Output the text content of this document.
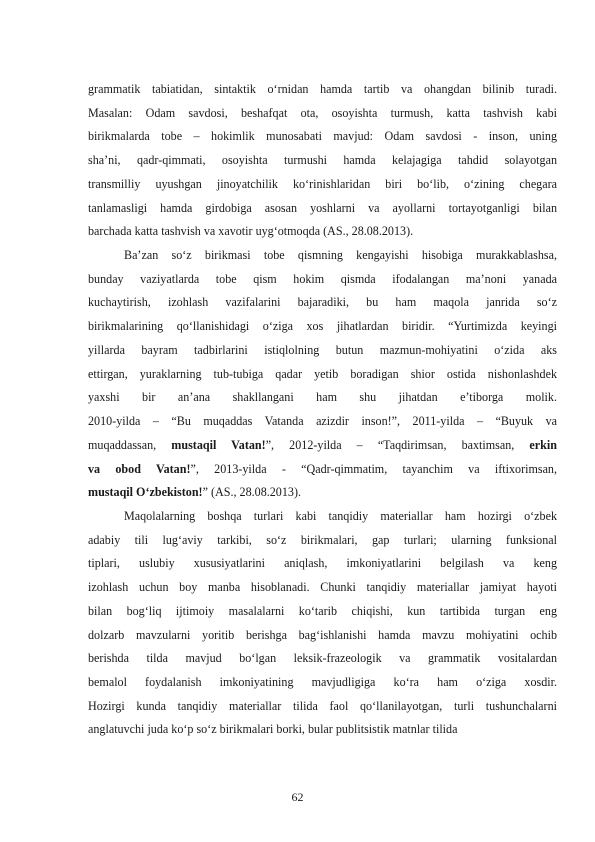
grammatik tabiatidan, sintaktik o‘rnidan hamda tartib va ohangdan bilinib turadi.
Masalan: Odam savdosi, beshafqat ota, osoyishta turmush, katta tashvish kabi
birikmalarda tobe – hokimlik munosabati mavjud: Odam savdosi - inson, uning
sha’ni, qadr-qimmati, osoyishta turmushi hamda kelajagiga tahdid solayotgan
transmilliy uyushgan jinoyatchilik ko‘rinishlaridan biri bo‘lib, o‘zining chegara
tanlamasligi hamda girdobiga asosan yoshlarni va ayollarni tortayotganligi bilan
barchada katta tashvish va xavotir uyg‘otmoqda (AS., 28.08.2013).
Ba’zan so‘z birikmasi tobe qismning kengayishi hisobiga murakkablashsa,
bunday vaziyatlarda tobe qism hokim qismda ifodalangan ma’noni yanada
kuchaytirish, izohlash vazifalarini bajaradiki, bu ham maqola janrida so‘z
birikmalarining qo‘llanishidagi o‘ziga xos jihatlardan biridir. “Yurtimizda keyingi
yillarda bayram tadbirlarini istiqlolning butun mazmun-mohiyatini o‘zida aks
ettirgan, yuraklarning tub-tubiga qadar yetib boradigan shior ostida nishonlashdek
yaxshi bir an’ana shakllangani ham shu jihatdan e’tiborga molik.
2010-yilda – “Bu muqaddas Vatanda azizdir inson!”, 2011-yilda – “Buyuk va
muqaddassan, mustaqil Vatan!”, 2012-yilda – “Taqdirimsan, baxtimsan, erkin
va obod Vatan!”, 2013-yilda - “Qadr-qimmatim, tayanchim va iftixorimsan,
mustaqil O‘zbekiston!” (AS., 28.08.2013).
Maqolalarning boshqa turlari kabi tanqidiy materiallar ham hozirgi o‘zbek
adabiy tili lug‘aviy tarkibi, so‘z birikmalari, gap turlari; ularning funksional
tiplari, uslubiy xususiyatlarini aniqlash, imkoniyatlarini belgilash va keng
izohlash uchun boy manba hisoblanadi. Chunki tanqidiy materiallar jamiyat hayoti
bilan bog‘liq ijtimoiy masalalarni ko‘tarib chiqishi, kun tartibida turgan eng
dolzarb mavzularni yoritib berishga bag‘ishlanishi hamda mavzu mohiyatini ochib
berishda tilda mavjud bo‘lgan leksik-frazeologik va grammatik vositalardan
bemalol foydalanish imkoniyatining mavjudligiga ko‘ra ham o‘ziga xosdir.
Hozirgi kunda tanqidiy materiallar tilida faol qo‘llanilayotgan, turli tushunchalarni
anglatuvchi juda ko‘p so‘z birikmalari borki, bular publitsistik matnlar tilida
62
